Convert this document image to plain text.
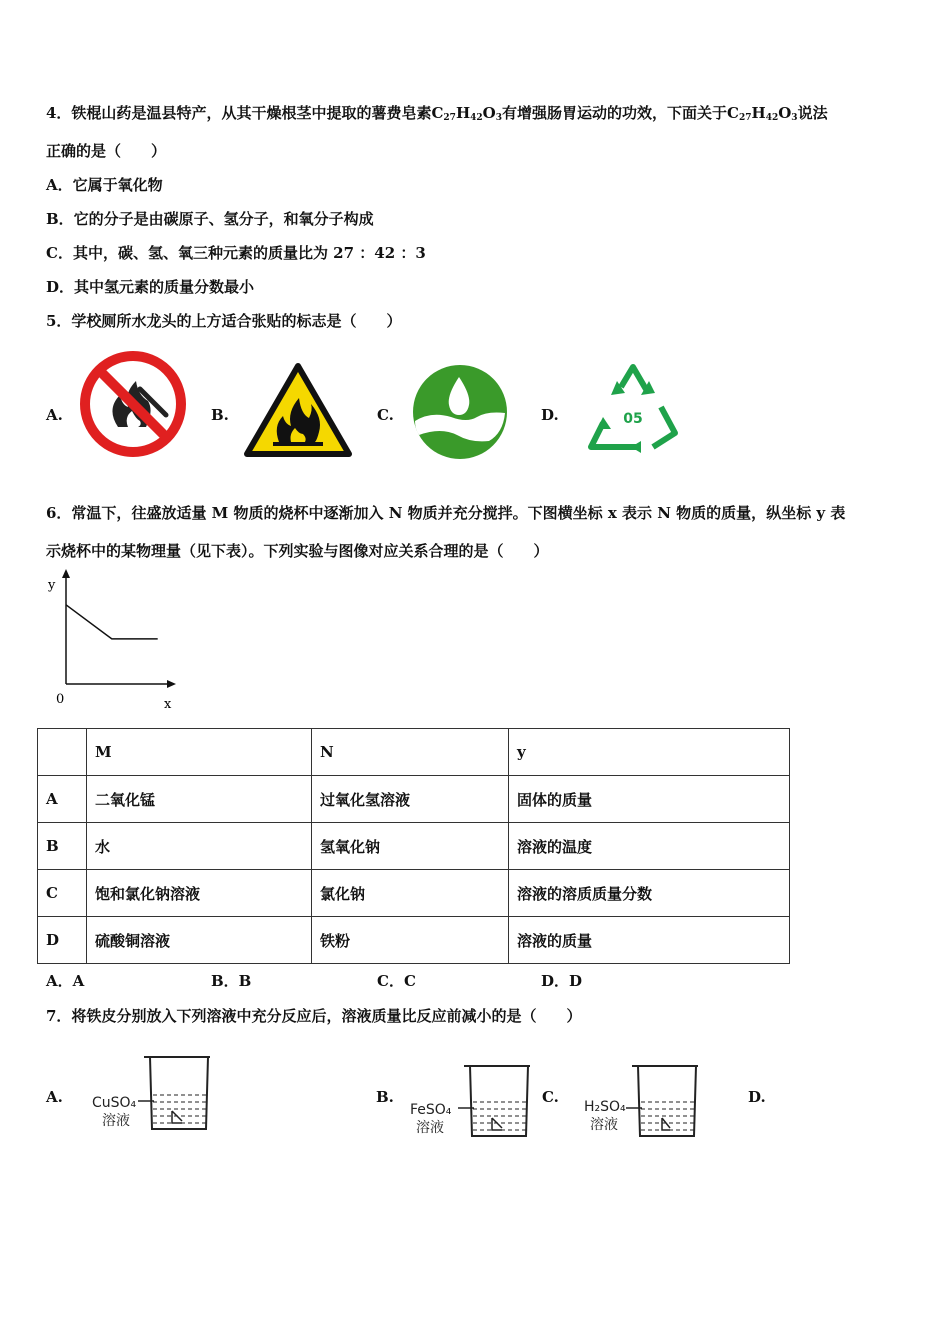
4．铁棍山药是温县特产，从其干燥根茎中提取的薯费皂素$C_{27}H_{42}O_3$有增强肠胃运动的功效，下面关于$C_{27}H_{42}O_3$说法
正确的是（　　）
A．它属于氧化物
B．它的分子是由碳原子、氢分子，和氧分子构成
C．其中，碳、氢、氧三种元素的质量比为 27 ：42 ：3
D．其中氢元素的质量分数最小
5．学校厕所水龙头的上方适合张贴的标志是（　　）
A.	B.	C.	D.	05
6．常温下，往盛放适量 M 物质的烧杯中逐渐加入 N 物质并充分搅拌。下图横坐标 x 表示 N 物质的质量，纵坐标 y 表
示烧杯中的某物理量（见下表）。下列实验与图像对应关系合理的是（　　）
y
x
0
	M	N	y
A	二氧化锰	过氧化氢溶液	固体的质量
B	水	氢氧化钠	溶液的温度
C	饱和氯化钠溶液	氯化钠	溶液的溶质质量分数
D	硫酸铜溶液	铁粉	溶液的质量
A．A	B．B	C．C	D．D
7．将铁皮分别放入下列溶液中充分反应后，溶液质量比反应前减小的是（　　）
A. CuSO₄
溶液
B.
FeSO₄
溶液
C.
H₂SO₄
溶液
D.
